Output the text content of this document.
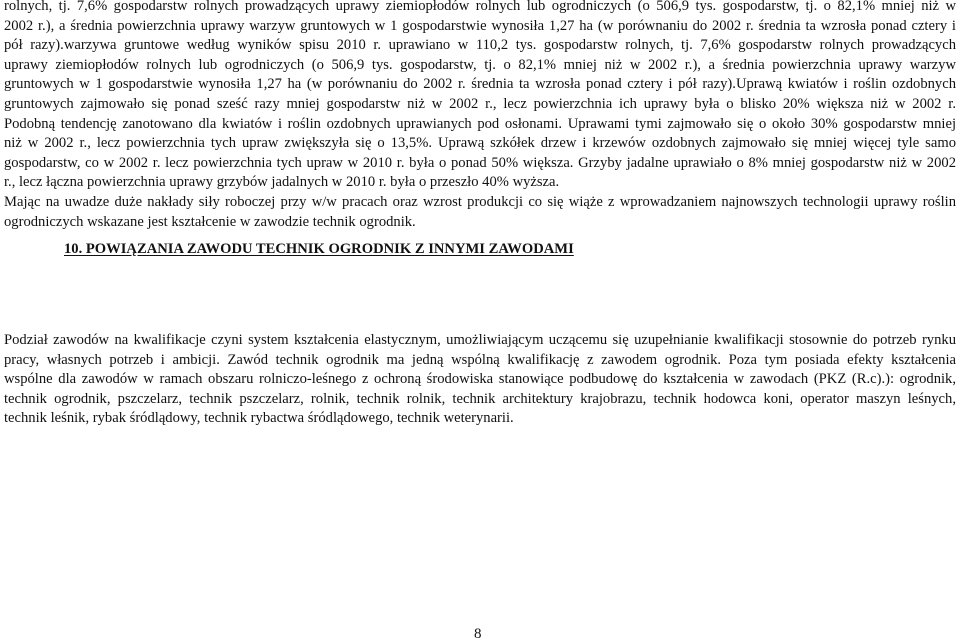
rolnych, tj. 7,6% gospodarstw rolnych prowadzących uprawy ziemiopłodów rolnych lub ogrodniczych (o 506,9 tys. gospodarstw, tj. o 82,1% mniej niż w
2002 r.), a średnia powierzchnia uprawy warzyw gruntowych w 1 gospodarstwie wynosiła 1,27 ha (w porównaniu do 2002 r. średnia ta wzrosła ponad cztery i
pół razy).warzywa gruntowe według wyników spisu 2010 r. uprawiano w 110,2 tys. gospodarstw rolnych, tj. 7,6% gospodarstw rolnych prowadzących
uprawy ziemiopłodów rolnych lub ogrodniczych (o 506,9 tys. gospodarstw, tj. o 82,1% mniej niż w 2002 r.), a średnia powierzchnia uprawy warzyw
gruntowych w 1 gospodarstwie wynosiła 1,27 ha (w porównaniu do 2002 r. średnia ta wzrosła ponad cztery i pół razy).Uprawą kwiatów i roślin ozdobnych
gruntowych zajmowało się ponad sześć razy mniej gospodarstw niż w 2002 r., lecz powierzchnia ich uprawy była o blisko 20% większa niż w 2002 r.
Podobną tendencję zanotowano dla kwiatów i roślin ozdobnych uprawianych pod osłonami. Uprawami tymi zajmowało się o około 30% gospodarstw mniej
niż w 2002 r., lecz powierzchnia tych upraw zwiększyła się o 13,5%. Uprawą szkółek drzew i krzewów ozdobnych zajmowało się mniej więcej tyle samo
gospodarstw, co w 2002 r. lecz powierzchnia tych upraw w 2010 r. była o ponad 50% większa. Grzyby jadalne uprawiało o 8% mniej gospodarstw niż w 2002
r., lecz łączna powierzchnia uprawy grzybów jadalnych w 2010 r. była o przeszło 40% wyższa.
Mając na uwadze duże nakłady siły roboczej przy w/w pracach oraz wzrost produkcji co się wiąże z wprowadzaniem najnowszych technologii uprawy roślin
ogrodniczych wskazane jest kształcenie w zawodzie technik ogrodnik.

10. POWIĄZANIA ZAWODU TECHNIK OGRODNIK Z INNYMI ZAWODAMI

Podział zawodów na kwalifikacje czyni system kształcenia elastycznym, umożliwiającym uczącemu się uzupełnianie kwalifikacji stosownie do potrzeb rynku
pracy, własnych potrzeb i ambicji. Zawód technik ogrodnik ma jedną wspólną kwalifikację z zawodem ogrodnik. Poza tym posiada efekty kształcenia
wspólne dla zawodów w ramach obszaru rolniczo-leśnego z ochroną środowiska stanowiące podbudowę do kształcenia w zawodach (PKZ (R.c).): ogrodnik,
technik ogrodnik, pszczelarz, technik pszczelarz, rolnik, technik rolnik, technik architektury krajobrazu, technik hodowca koni, operator maszyn leśnych,
technik leśnik, rybak śródlądowy, technik rybactwa śródlądowego, technik weterynarii.

8
